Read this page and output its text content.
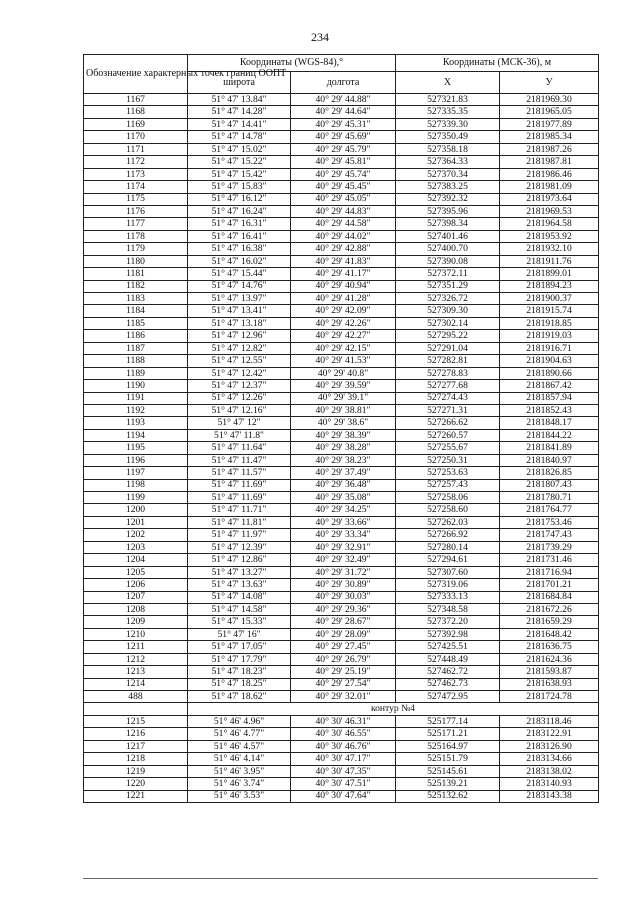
234
Обозначение характерных точек границ ООПТ	Координаты (WGS-84),°		Координаты (МСК-36), м	
	широта	долгота	X	У
1167	51° 47' 13.84"	40° 29' 44.88"	527321.83	2181969.30
1168	51° 47' 14.28"	40° 29' 44.64"	527335.35	2181965.05
1169	51° 47' 14.41"	40° 29' 45.31"	527339.30	2181977.89
1170	51° 47' 14.78"	40° 29' 45.69"	527350.49	2181985.34
1171	51° 47' 15.02"	40° 29' 45.79"	527358.18	2181987.26
1172	51° 47' 15.22"	40° 29' 45.81"	527364.33	2181987.81
1173	51° 47' 15.42"	40° 29' 45.74"	527370.34	2181986.46
1174	51° 47' 15.83"	40° 29' 45.45"	527383.25	2181981.09
1175	51° 47' 16.12"	40° 29' 45.05"	527392.32	2181973.64
1176	51° 47' 16.24"	40° 29' 44.83"	527395.96	2181969.53
1177	51° 47' 16.31"	40° 29' 44.58"	527398.34	2181964.58
1178	51° 47' 16.41"	40° 29' 44.02"	527401.46	2181953.92
1179	51° 47' 16.38"	40° 29' 42.88"	527400.70	2181932.10
1180	51° 47' 16.02"	40° 29' 41.83"	527390.08	2181911.76
1181	51° 47' 15.44"	40° 29' 41.17"	527372.11	2181899.01
1182	51° 47' 14.76"	40° 29' 40.94"	527351.29	2181894.23
1183	51° 47' 13.97"	40° 29' 41.28"	527326.72	2181900.37
1184	51° 47' 13.41"	40° 29' 42.09"	527309.30	2181915.74
1185	51° 47' 13.18"	40° 29' 42.26"	527302.14	2181918.85
1186	51° 47' 12.96"	40° 29' 42.27"	527295.22	2181919.03
1187	51° 47' 12.82"	40° 29' 42.15"	527291.04	2181916.71
1188	51° 47' 12.55"	40° 29' 41.53"	527282.81	2181904.63
1189	51° 47' 12.42"	40° 29' 40.8"	527278.83	2181890.66
1190	51° 47' 12.37"	40° 29' 39.59"	527277.68	2181867.42
1191	51° 47' 12.26"	40° 29' 39.1"	527274.43	2181857.94
1192	51° 47' 12.16"	40° 29' 38.81"	527271.31	2181852.43
1193	51° 47' 12"	40° 29' 38.6"	527266.62	2181848.17
1194	51° 47' 11.8"	40° 29' 38.39"	527260.57	2181844.22
1195	51° 47' 11.64"	40° 29' 38.28"	527255.67	2181841.89
1196	51° 47' 11.47"	40° 29' 38.23"	527250.31	2181840.97
1197	51° 47' 11.57"	40° 29' 37.49"	527253.63	2181826.85
1198	51° 47' 11.69"	40° 29' 36.48"	527257.43	2181807.43
1199	51° 47' 11.69"	40° 29' 35.08"	527258.06	2181780.71
1200	51° 47' 11.71"	40° 29' 34.25"	527258.60	2181764.77
1201	51° 47' 11.81"	40° 29' 33.66"	527262.03	2181753.46
1202	51° 47' 11.97"	40° 29' 33.34"	527266.92	2181747.43
1203	51° 47' 12.39"	40° 29' 32.91"	527280.14	2181739.29
1204	51° 47' 12.86"	40° 29' 32.49"	527294.61	2181731.46
1205	51° 47' 13.27"	40° 29' 31.72"	527307.60	2181716.94
1206	51° 47' 13.63"	40° 29' 30.89"	527319.06	2181701.21
1207	51° 47' 14.08"	40° 29' 30.03"	527333.13	2181684.84
1208	51° 47' 14.58"	40° 29' 29.36"	527348.58	2181672.26
1209	51° 47' 15.33"	40° 29' 28.67"	527372.20	2181659.29
1210	51° 47' 16"	40° 29' 28.09"	527392.98	2181648.42
1211	51° 47' 17.05"	40° 29' 27.45"	527425.51	2181636.75
1212	51° 47' 17.79"	40° 29' 26.79"	527448.49	2181624.36
1213	51° 47' 18.23"	40° 29' 25.19"	527462.72	2181593.87
1214	51° 47' 18.25"	40° 29' 27.54"	527462.73	2181638.93
488	51° 47' 18.62"	40° 29' 32.01"	527472.95	2181724.78
	контур №4			
1215	51° 46' 4.96"	40° 30' 46.31"	525177.14	2183118.46
1216	51° 46' 4.77"	40° 30' 46.55"	525171.21	2183122.91
1217	51° 46' 4.57"	40° 30' 46.76"	525164.97	2183126.90
1218	51° 46' 4.14"	40° 30' 47.17"	525151.79	2183134.66
1219	51° 46' 3.95"	40° 30' 47.35"	525145.61	2183138.02
1220	51° 46' 3.74"	40° 30' 47.51"	525139.21	2183140.93
1221	51° 46' 3.53"	40° 30' 47.64"	525132.62	2183143.38
